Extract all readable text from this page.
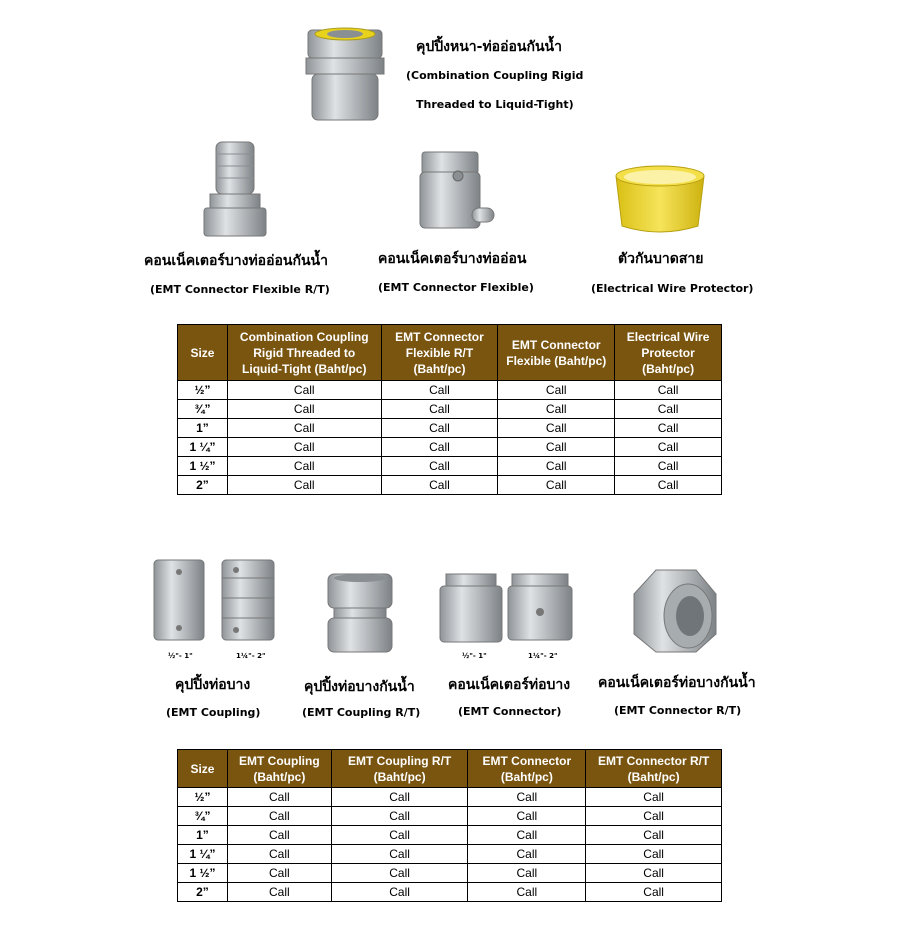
คุปปิ้งหนา-ท่ออ่อนกันน้ำ
(Combination Coupling Rigid
Threaded to Liquid-Tight)
คอนเน็คเตอร์บางท่ออ่อนกันน้ำ
(EMT Connector Flexible R/T)
คอนเน็คเตอร์บางท่ออ่อน
(EMT Connector Flexible)
ตัวกันบาดสาย
(Electrical Wire Protector)
Size	Combination Coupling Rigid Threaded to Liquid-Tight (Baht/pc)	EMT Connector Flexible R/T (Baht/pc)	EMT Connector Flexible (Baht/pc)	Electrical Wire Protector (Baht/pc)
½”	Call	Call	Call	Call
¾”	Call	Call	Call	Call
1”	Call	Call	Call	Call
1 ¼”	Call	Call	Call	Call
1 ½”	Call	Call	Call	Call
2”	Call	Call	Call	Call
½"- 1"	1¼"- 2"
คุปปิ้งท่อบาง
(EMT Coupling)
คุปปิ้งท่อบางกันน้ำ
(EMT Coupling R/T)
½"- 1"	1¼"- 2"
คอนเน็คเตอร์ท่อบาง
(EMT Connector)
คอนเน็คเตอร์ท่อบางกันน้ำ
(EMT Connector R/T)
Size	EMT Coupling (Baht/pc)	EMT Coupling R/T (Baht/pc)	EMT Connector (Baht/pc)	EMT Connector R/T (Baht/pc)
½”	Call	Call	Call	Call
¾”	Call	Call	Call	Call
1”	Call	Call	Call	Call
1 ¼”	Call	Call	Call	Call
1 ½”	Call	Call	Call	Call
2”	Call	Call	Call	Call
